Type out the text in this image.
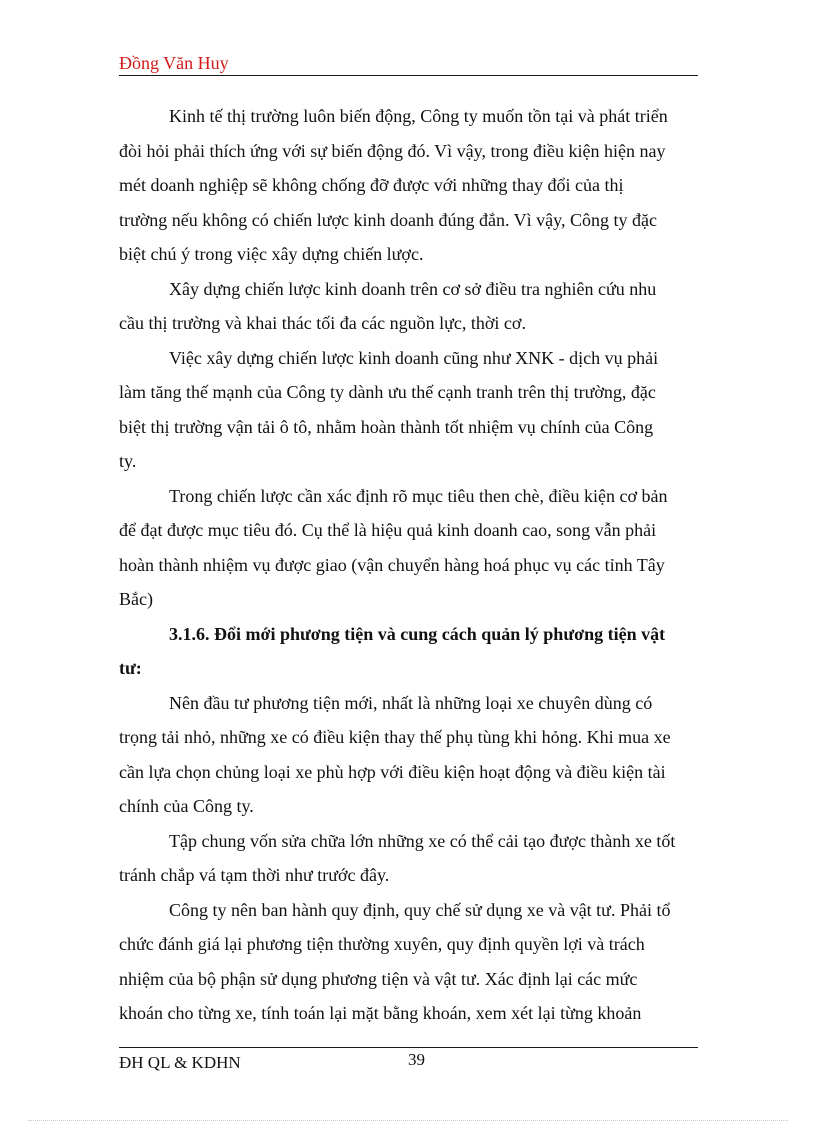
Đồng Văn Huy
Kinh tế thị trường luôn biến động, Công ty muốn tồn tại và phát triển
đòi hỏi phải thích ứng với sự biến động đó. Vì vậy, trong điều kiện hiện nay
mét doanh nghiệp sẽ không chống đỡ được với những thay đổi của thị
trường nếu không có chiến lược kinh doanh đúng đắn. Vì vậy, Công ty đặc
biệt chú ý trong việc xây dựng chiến lược.
Xây dựng chiến lược kinh doanh trên cơ sở điều tra nghiên cứu nhu
cầu thị trường và khai thác tối đa các nguồn lực, thời cơ.
Việc xây dựng chiến lược kinh doanh cũng như XNK - dịch vụ phải
làm tăng thế mạnh của Công ty dành ưu thế cạnh tranh trên thị trường, đặc
biệt thị trường vận tải ô tô, nhằm hoàn thành tốt nhiệm vụ chính của Công
ty.
Trong chiến lược cần xác định rõ mục tiêu then chè, điều kiện cơ bản
để đạt được mục tiêu đó. Cụ thể là hiệu quả kinh doanh cao, song vẫn phải
hoàn thành nhiệm vụ được giao (vận chuyển hàng hoá phục vụ các tỉnh Tây
Bắc)
3.1.6. Đổi mới phương tiện và cung cách quản lý phương tiện vật
tư:
Nên đầu tư phương tiện mới, nhất là những loại xe chuyên dùng có
trọng tải nhỏ, những xe có điều kiện thay thế phụ tùng khi hỏng. Khi mua xe
cần lựa chọn chủng loại xe phù hợp với điều kiện hoạt động và điều kiện tài
chính của Công ty.
Tập chung vốn sửa chữa lớn những xe có thể cải tạo được thành xe tốt
tránh chắp vá tạm thời như trước đây.
Công ty nên ban hành quy định, quy chế sử dụng xe và vật tư. Phải tổ
chức đánh giá lại phương tiện thường xuyên, quy định quyền lợi và trách
nhiệm của bộ phận sử dụng phương tiện và vật tư. Xác định lại các mức
khoán cho từng xe, tính toán lại mặt bằng khoán, xem xét lại từng khoản
ĐH QL & KDHN	39
